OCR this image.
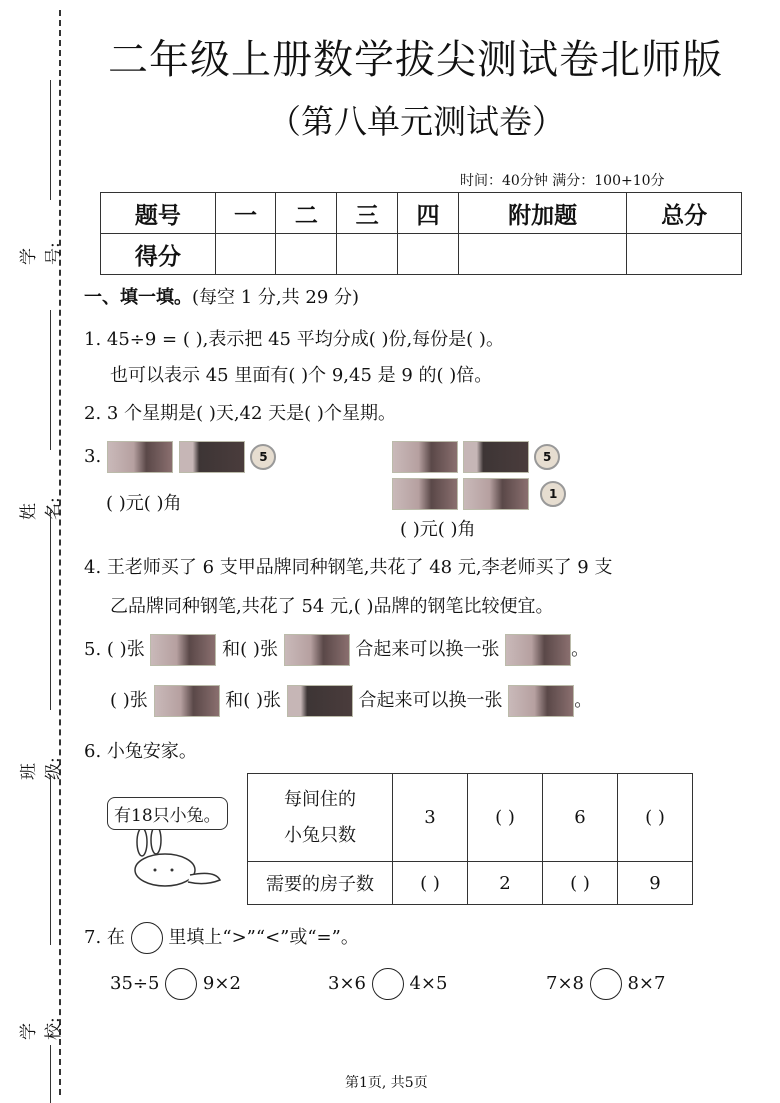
学号:
姓名:
班级:
学校:
二年级上册数学拔尖测试卷北师版
（第八单元测试卷）
时间：40分钟 满分：100+10分
题号	一	二	三	四	附加题	总分
得分						
一、填一填。(每空 1 分,共 29 分)
1. 45÷9 = ( ),表示把 45 平均分成( )份,每份是( )。
也可以表示 45 里面有( )个 9,45 是 9 的( )倍。
2. 3 个星期是( )天,42 天是( )个星期。
3.	5
( )元( )角
5
1
( )元( )角
4. 王老师买了 6 支甲品牌同种钢笔,共花了 48 元,李老师买了 9 支
乙品牌同种钢笔,共花了 54 元,( )品牌的钢笔比较便宜。
5. ( )张	和( )张	合起来可以换一张	。
( )张	和( )张	合起来可以换一张	。
6. 小兔安家。
有18只小兔。
每间住的
小兔只数	3	( )	6	( )
需要的房子数	( )	2	( )	9
7. 在 里填上“>”“<”或“=”。
35÷5 9×2	3×6 4×5	7×8 8×7
第1页, 共5页
